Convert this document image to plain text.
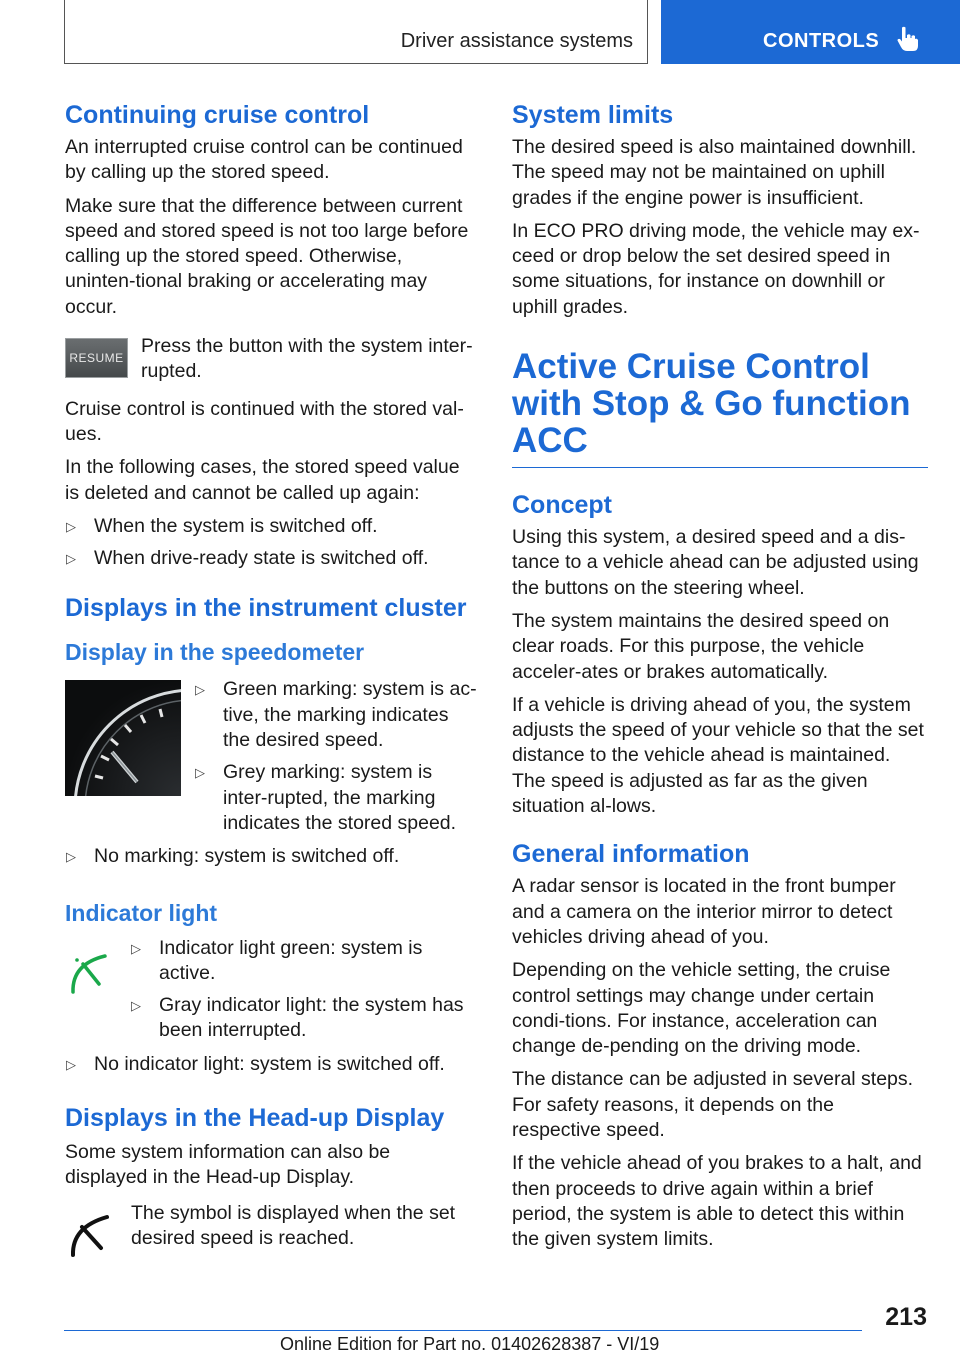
Driver assistance systems	CONTROLS
Continuing cruise control

An interrupted cruise control can be continued by calling up the stored speed.

Make sure that the difference between current speed and stored speed is not too large before calling up the stored speed. Otherwise, uninten-tional braking or accelerating may occur.

RESUME

Press the button with the system inter-rupted.

Cruise control is continued with the stored val-ues.

In the following cases, the stored speed value is deleted and cannot be called up again:

▷ When the system is switched off.
▷ When drive-ready state is switched off.
Displays in the instrument cluster
Display in the speedometer
▷ Green marking: system is ac-tive, the marking indicates the desired speed.
▷ Grey marking: system is inter-rupted, the marking indicates the stored speed.
▷ No marking: system is switched off.
Indicator light
▷ Indicator light green: system is active.
▷ Gray indicator light: the system has been interrupted.
▷ No indicator light: system is switched off.
Displays in the Head-up Display

Some system information can also be displayed in the Head-up Display.

The symbol is displayed when the set desired speed is reached.

System limits

The desired speed is also maintained downhill. The speed may not be maintained on uphill grades if the engine power is insufficient.

In ECO PRO driving mode, the vehicle may ex-ceed or drop below the set desired speed in some situations, for instance on downhill or uphill grades.

Active Cruise Control with Stop & Go function ACC
Concept

Using this system, a desired speed and a dis-tance to a vehicle ahead can be adjusted using the buttons on the steering wheel.

The system maintains the desired speed on clear roads. For this purpose, the vehicle acceler-ates or brakes automatically.

If a vehicle is driving ahead of you, the system adjusts the speed of your vehicle so that the set distance to the vehicle ahead is maintained. The speed is adjusted as far as the given situation al-lows.

General information

A radar sensor is located in the front bumper and a camera on the interior mirror to detect vehicles driving ahead of you.

Depending on the vehicle setting, the cruise control settings may change under certain condi-tions. For instance, acceleration can change de-pending on the driving mode.

The distance can be adjusted in several steps. For safety reasons, it depends on the respective speed.

If the vehicle ahead of you brakes to a halt, and then proceeds to drive again within a brief period, the system is able to detect this within the given system limits.

213
Online Edition for Part no. 01402628387 - VI/19
